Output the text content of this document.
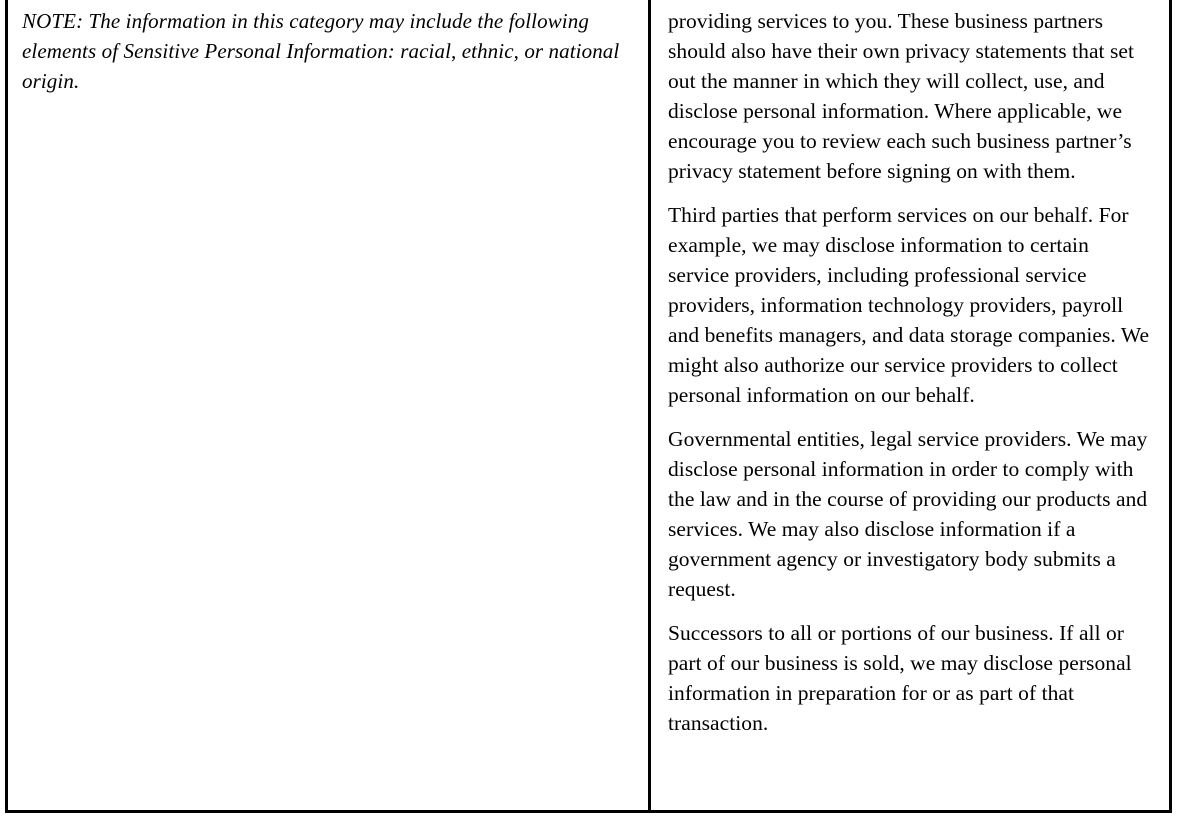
NOTE: The information in this category may include the following elements of Sensitive Personal Information: racial, ethnic, or national origin.

providing services to you. These business partners should also have their own privacy statements that set out the manner in which they will collect, use, and disclose personal information. Where applicable, we encourage you to review each such business partner’s privacy statement before signing on with them.

Third parties that perform services on our behalf. For example, we may disclose information to certain service providers, including professional service providers, information technology providers, payroll and benefits managers, and data storage companies. We might also authorize our service providers to collect personal information on our behalf.

Governmental entities, legal service providers. We may disclose personal information in order to comply with the law and in the course of providing our products and services. We may also disclose information if a government agency or investigatory body submits a request.

Successors to all or portions of our business. If all or part of our business is sold, we may disclose personal information in preparation for or as part of that transaction.
